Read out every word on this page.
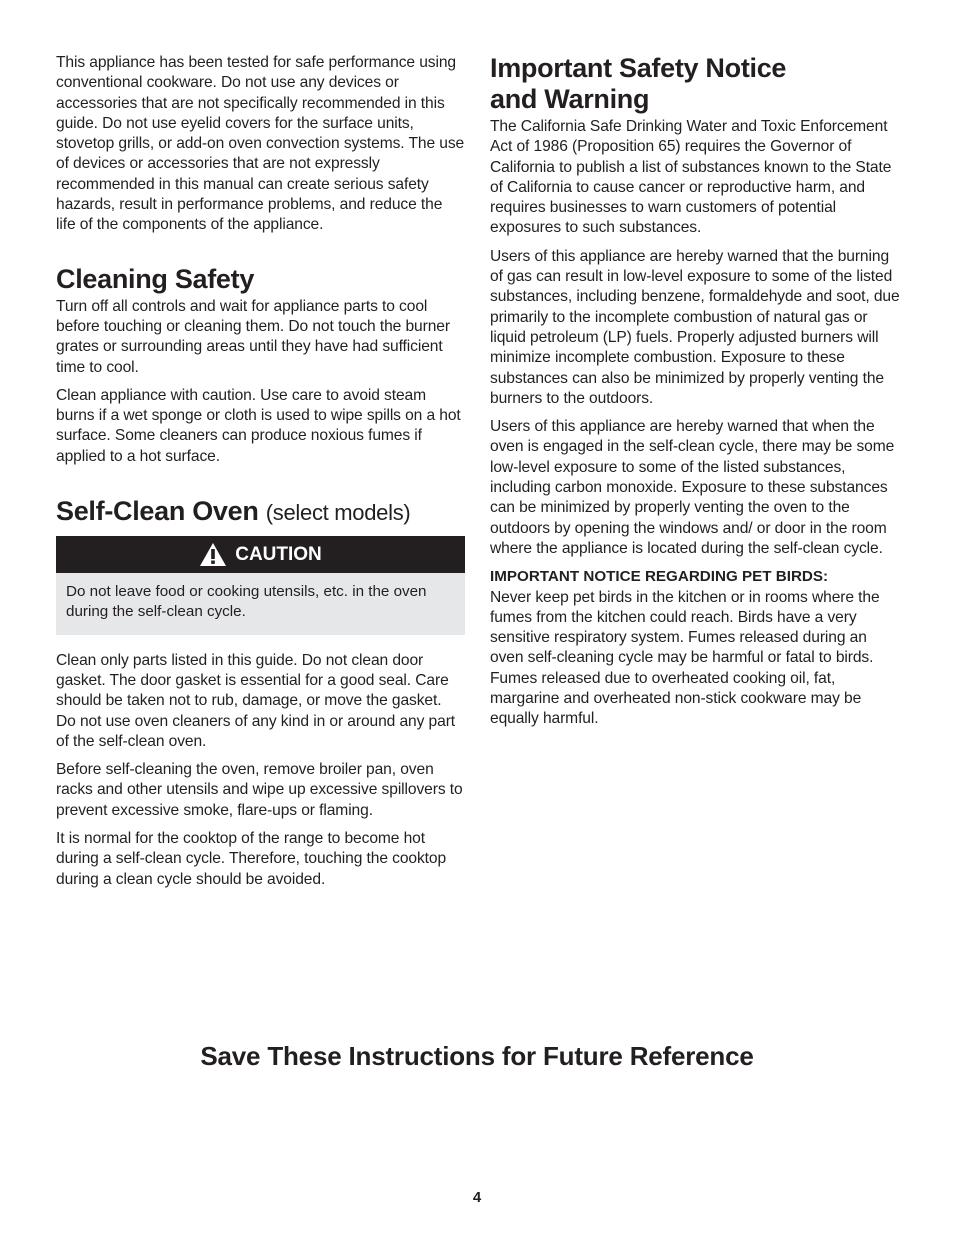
This appliance has been tested for safe performance using conventional cookware. Do not use any devices or accessories that are not specifically recommended in this guide. Do not use eyelid covers for the surface units, stovetop grills, or add-on oven convection systems. The use of devices or accessories that are not expressly recommended in this manual can create serious safety hazards, result in performance problems, and reduce the life of the components of the appliance.

Cleaning Safety

Turn off all controls and wait for appliance parts to cool before touching or cleaning them. Do not touch the burner grates or surrounding areas until they have had sufficient time to cool.

Clean appliance with caution. Use care to avoid steam burns if a wet sponge or cloth is used to wipe spills on a hot surface. Some cleaners can produce noxious fumes if applied to a hot surface.

Self-Clean Oven (select models)
CAUTION
Do not leave food or cooking utensils, etc. in the oven during the self-clean cycle.

Clean only parts listed in this guide. Do not clean door gasket. The door gasket is essential for a good seal. Care should be taken not to rub, damage, or move the gasket. Do not use oven cleaners of any kind in or around any part of the self-clean oven.

Before self-cleaning the oven, remove broiler pan, oven racks and other utensils and wipe up excessive spillovers to prevent excessive smoke, flare-ups or flaming.

It is normal for the cooktop of the range to become hot during a self-clean cycle. Therefore, touching the cooktop during a clean cycle should be avoided.

Important Safety Notice
and Warning

The California Safe Drinking Water and Toxic Enforcement Act of 1986 (Proposition 65) requires the Governor of California to publish a list of substances known to the State of California to cause cancer or reproductive harm, and requires businesses to warn customers of potential exposures to such substances.

Users of this appliance are hereby warned that the burning of gas can result in low-level exposure to some of the listed substances, including benzene, formaldehyde and soot, due primarily to the incomplete combustion of natural gas or liquid petroleum (LP) fuels. Properly adjusted burners will minimize incomplete combustion. Exposure to these substances can also be minimized by properly venting the burners to the outdoors.

Users of this appliance are hereby warned that when the oven is engaged in the self-clean cycle, there may be some low-level exposure to some of the listed substances, including carbon monoxide. Exposure to these substances can be minimized by properly venting the oven to the outdoors by opening the windows and/ or door in the room where the appliance is located during the self-clean cycle.

IMPORTANT NOTICE REGARDING PET BIRDS:

Never keep pet birds in the kitchen or in rooms where the fumes from the kitchen could reach. Birds have a very sensitive respiratory system. Fumes released during an oven self-cleaning cycle may be harmful or fatal to birds. Fumes released due to overheated cooking oil, fat, margarine and overheated non-stick cookware may be equally harmful.

Save These Instructions for Future Reference
4
